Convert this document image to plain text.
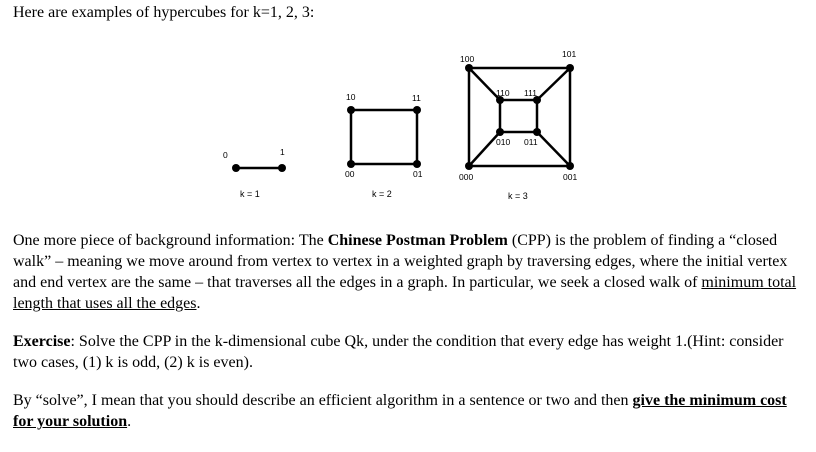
Here are examples of hypercubes for k=1, 2, 3:
0	1
k = 1
10	11
00	01
k = 2
100	101
110 111
010 011
000	001
k = 3

One more piece of background information: The Chinese Postman Problem (CPP) is the problem of finding a “closed walk” – meaning we move around from vertex to vertex in a weighted graph by traversing edges, where the initial vertex and end vertex are the same – that traverses all the edges in a graph. In particular, we seek a closed walk of minimum total length that uses all the edges.

Exercise: Solve the CPP in the k-dimensional cube Qk, under the condition that every edge has weight 1.(Hint: consider two cases, (1) k is odd, (2) k is even).

By “solve”, I mean that you should describe an efficient algorithm in a sentence or two and then give the minimum cost for your solution.
